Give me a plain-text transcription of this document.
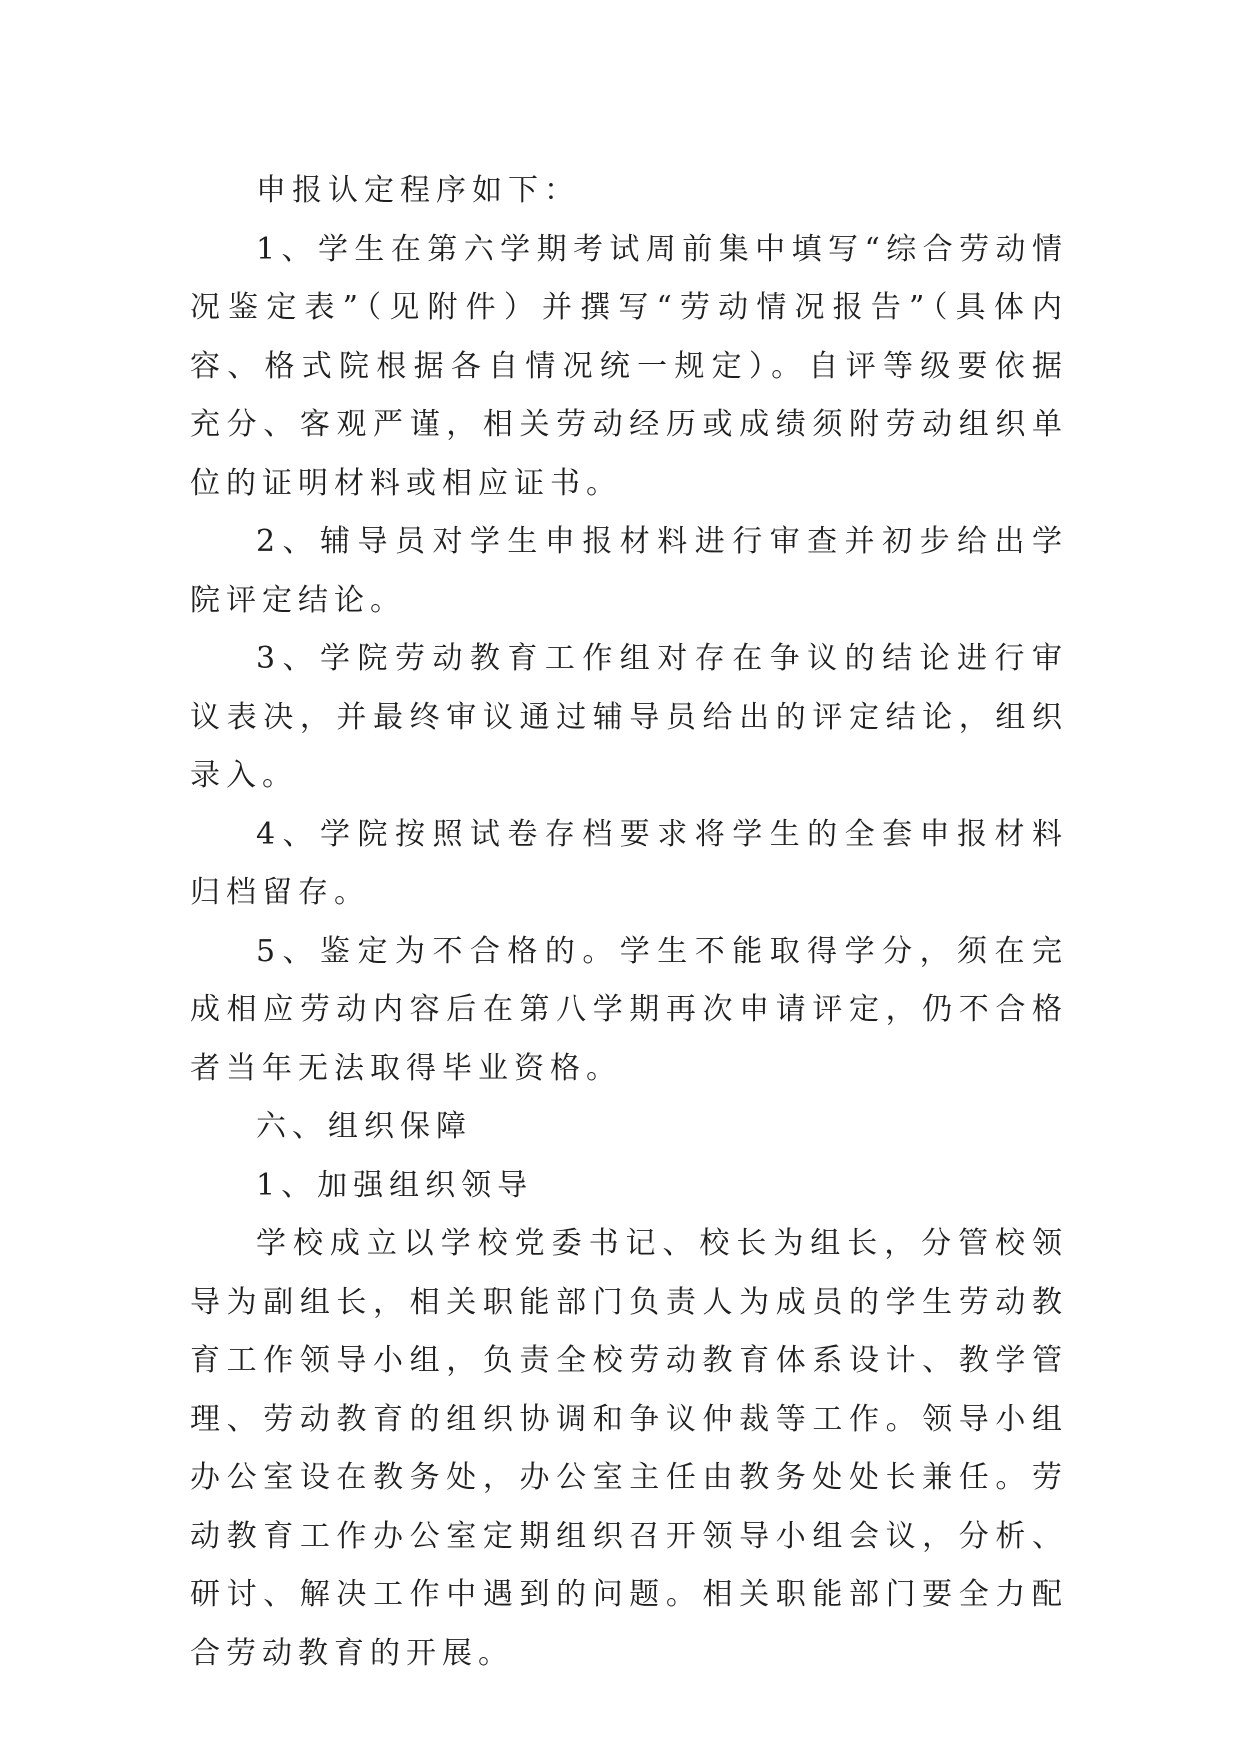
申报认定程序如下：

1、学生在第六学期考试周前集中填写“综合劳动情况鉴定表”（见附件）并撰写“劳动情况报告”（具体内容、格式院根据各自情况统一规定）。自评等级要依据充分、客观严谨，相关劳动经历或成绩须附劳动组织单位的证明材料或相应证书。

2、辅导员对学生申报材料进行审查并初步给出学院评定结论。

3、学院劳动教育工作组对存在争议的结论进行审议表决，并最终审议通过辅导员给出的评定结论，组织录入。

4、学院按照试卷存档要求将学生的全套申报材料归档留存。

5、鉴定为不合格的。学生不能取得学分，须在完成相应劳动内容后在第八学期再次申请评定，仍不合格者当年无法取得毕业资格。

六、组织保障

1、加强组织领导

学校成立以学校党委书记、校长为组长，分管校领导为副组长，相关职能部门负责人为成员的学生劳动教育工作领导小组，负责全校劳动教育体系设计、教学管理、劳动教育的组织协调和争议仲裁等工作。领导小组办公室设在教务处，办公室主任由教务处处长兼任。劳动教育工作办公室定期组织召开领导小组会议，分析、研讨、解决工作中遇到的问题。相关职能部门要全力配合劳动教育的开展。
